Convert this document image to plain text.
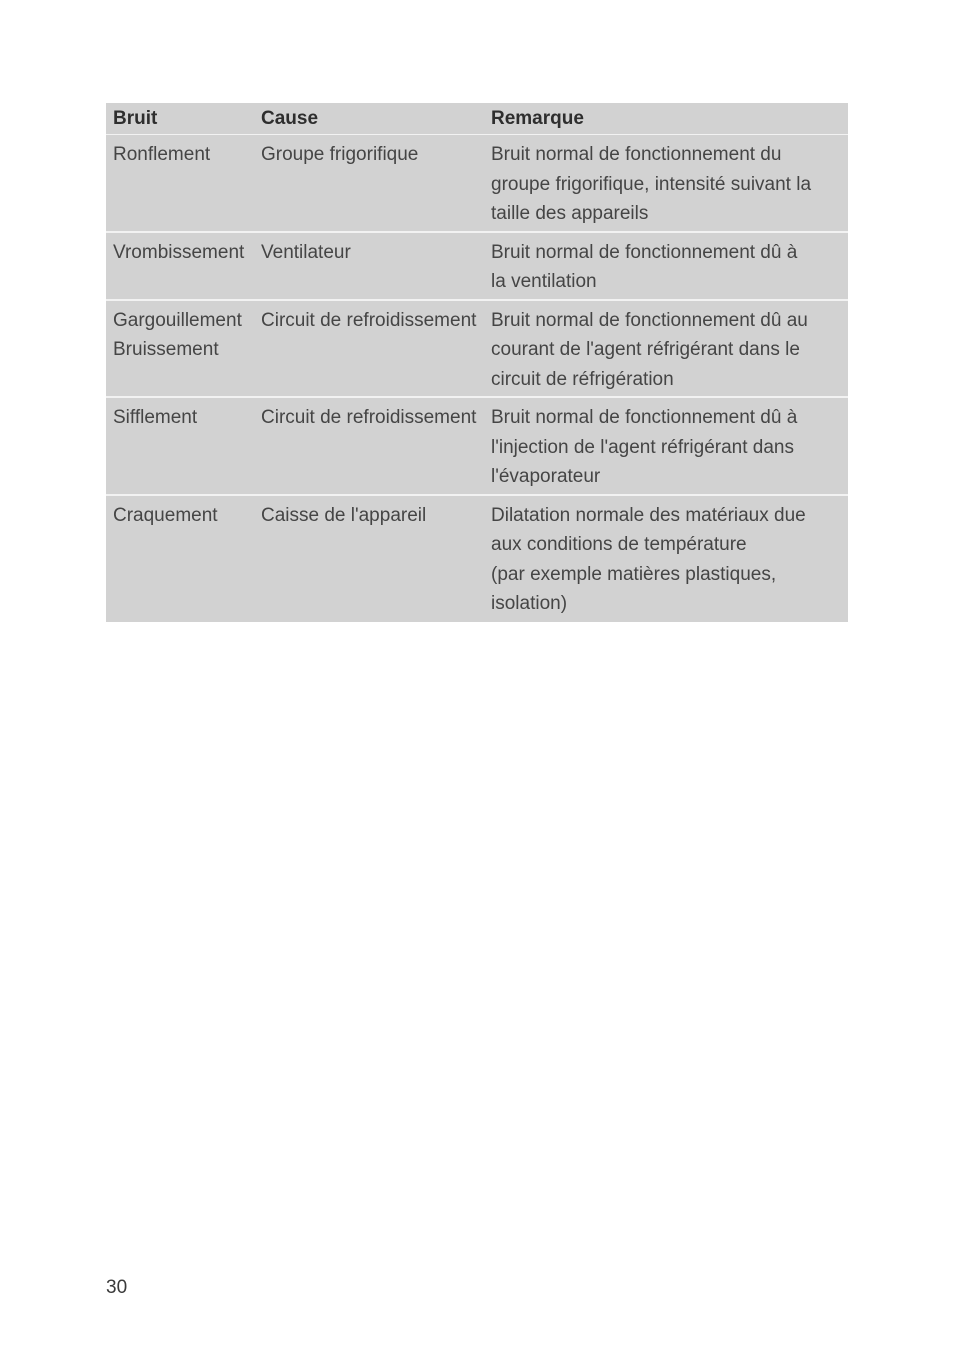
Bruit	Cause	Remarque

Ronflement	Groupe frigorifique	Bruit normal de fonctionnement du
groupe frigorifique, intensité suivant la
taille des appareils

Vrombissement	Ventilateur	Bruit normal de fonctionnement dû à
la ventilation

Gargouillement
Bruissement	Circuit de refroidissement	Bruit normal de fonctionnement dû au
courant de l'agent réfrigérant dans le
circuit de réfrigération

Sifflement	Circuit de refroidissement	Bruit normal de fonctionnement dû à
l'injection de l'agent réfrigérant dans
l'évaporateur

Craquement	Caisse de l'appareil	Dilatation normale des matériaux due
aux conditions de température
(par exemple matières plastiques,
isolation)
30
